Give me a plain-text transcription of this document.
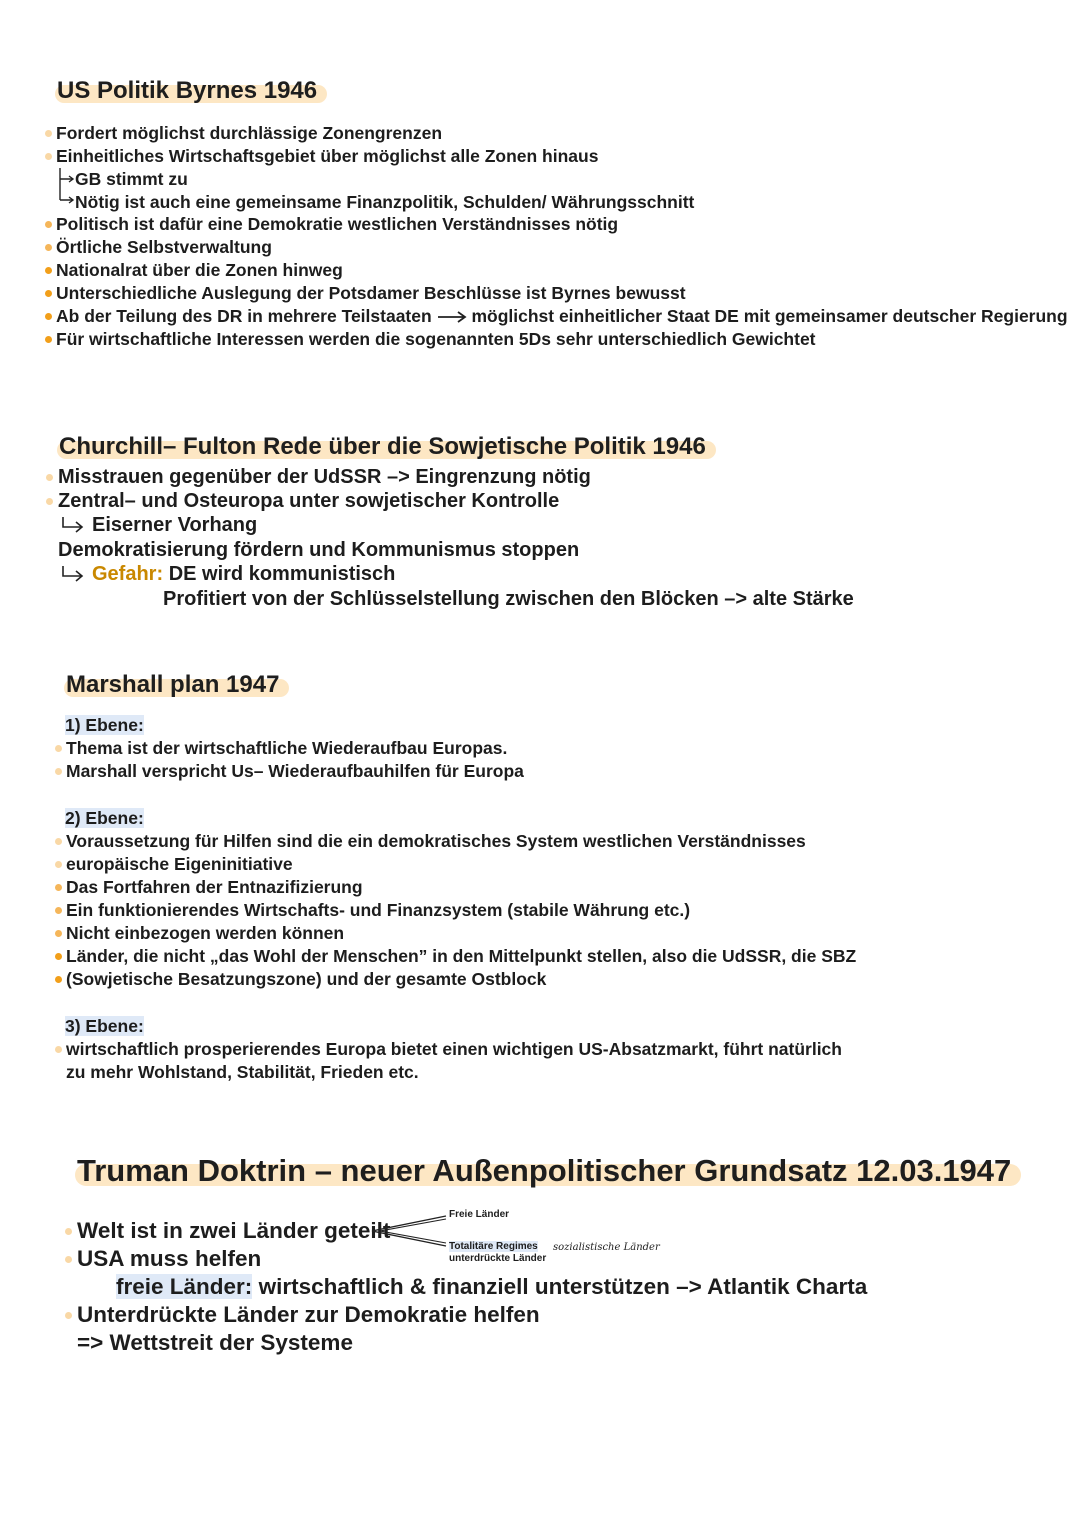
US Politik Byrnes 1946
Fordert möglichst durchlässige Zonengrenzen
Einheitliches Wirtschaftsgebiet über möglichst alle Zonen hinaus
GB stimmt zu
Nötig ist auch eine gemeinsame Finanzpolitik, Schulden/ Währungsschnitt
Politisch ist dafür eine Demokratie westlichen Verständnisses nötig
Örtliche Selbstverwaltung
Nationalrat über die Zonen hinweg
Unterschiedliche Auslegung der Potsdamer Beschlüsse ist Byrnes bewusst
Ab der Teilung des DR in mehrere Teilstaaten möglichst einheitlicher Staat DE mit gemeinsamer deutscher Regierung
Für wirtschaftliche Interessen werden die sogenannten 5Ds sehr unterschiedlich Gewichtet
Churchill– Fulton Rede über die Sowjetische Politik 1946
Misstrauen gegenüber der UdSSR –> Eingrenzung nötig
Zentral– und Osteuropa unter sowjetischer Kontrolle
Eiserner Vorhang
Demokratisierung fördern und Kommunismus stoppen
Gefahr: DE wird kommunistisch
Profitiert von der Schlüsselstellung zwischen den Blöcken –> alte Stärke
Marshall plan 1947
1) Ebene:
Thema ist der wirtschaftliche Wiederaufbau Europas.
Marshall verspricht Us– Wiederaufbauhilfen für Europa
2) Ebene:
Voraussetzung für Hilfen sind die ein demokratisches System westlichen Verständnisses
europäische Eigeninitiative
Das Fortfahren der Entnazifizierung
Ein funktionierendes Wirtschafts- und Finanzsystem (stabile Währung etc.)
Nicht einbezogen werden können
Länder, die nicht „das Wohl der Menschen” in den Mittelpunkt stellen, also die UdSSR, die SBZ
(Sowjetische Besatzungszone) und der gesamte Ostblock
3) Ebene:
wirtschaftlich prosperierendes Europa bietet einen wichtigen US-Absatzmarkt, führt natürlich
zu mehr Wohlstand, Stabilität, Frieden etc.
Truman Doktrin – neuer Außenpolitischer Grundsatz 12.03.1947
Welt ist in zwei Länder geteilt
Freie Länder
Totalitäre Regimes
unterdrückte Länder
sozialistische Länder
USA muss helfen
freie Länder: wirtschaftlich & finanziell unterstützen –> Atlantik Charta
Unterdrückte Länder zur Demokratie helfen
=> Wettstreit der Systeme
